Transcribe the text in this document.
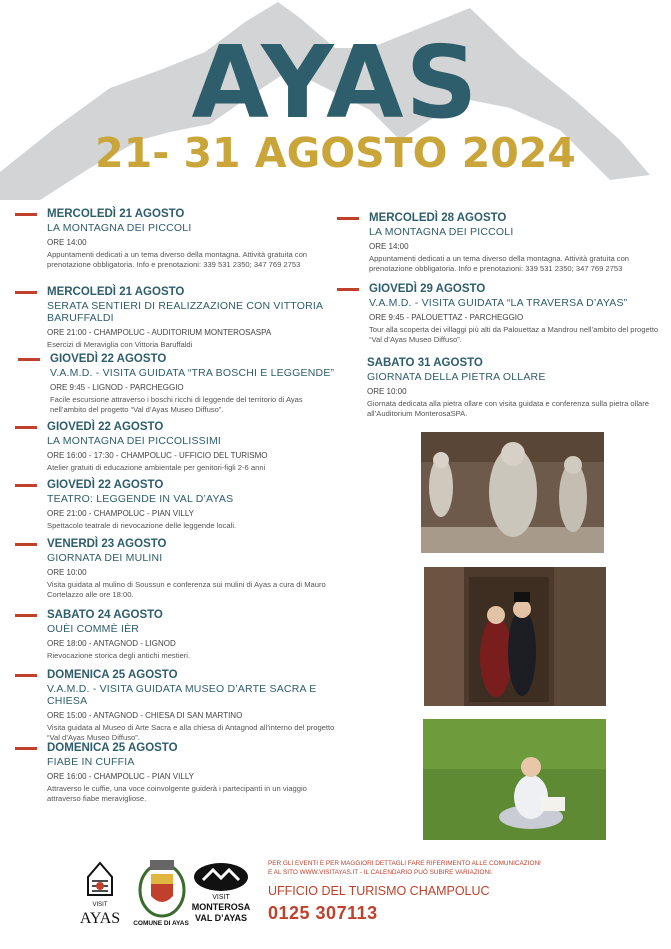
AYAS
21- 31 AGOSTO 2024
MERCOLEDÌ 21 AGOSTO
LA MONTAGNA DEI PICCOLI
ORE 14:00
Appuntamenti dedicati a un tema diverso della montagna. Attività gratuita con prenotazione obbligatoria. Info e prenotazioni: 339 531 2350; 347 769 2753
MERCOLEDÌ 21 AGOSTO
SERATA SENTIERI DI REALIZZAZIONE CON VITTORIA BARUFFALDI
ORE 21:00 - CHAMPOLUC - AUDITORIUM MONTEROSASPA
Esercizi di Meraviglia con Vittoria Baruffaldi
GIOVEDÌ 22 AGOSTO
V.A.M.D. - VISITA GUIDATA “TRA BOSCHI E LEGGENDE”
ORE 9:45 - LIGNOD - PARCHEGGIO
Facile escursione attraverso i boschi ricchi di leggende del territorio di Ayas nell’ambito del progetto “Val d’Ayas Museo Diffuso”.
GIOVEDÌ 22 AGOSTO
LA MONTAGNA DEI PICCOLISSIMI
ORE 16:00 - 17:30 - CHAMPOLUC - UFFICIO DEL TURISMO
Atelier gratuiti di educazione ambientale per genitori-figli 2-6 anni
GIOVEDÌ 22 AGOSTO
TEATRO: LEGGENDE IN VAL D’AYAS
ORE 21:00 - CHAMPOLUC - PIAN VILLY
Spettacolo teatrale di rievocazione delle leggende locali.
VENERDÌ 23 AGOSTO
GIORNATA DEI MULINI
ORE 10:00
Visita guidata al mulino di Soussun e conferenza sui mulini di Ayas a cura di Mauro Cortelazzo alle ore 18:00.
SABATO 24 AGOSTO
OUÈI COMMÈ IÈR
ORE 18:00 - ANTAGNOD - LIGNOD
Rievocazione storica degli antichi mestieri.
DOMENICA 25 AGOSTO
V.A.M.D. - VISITA GUIDATA MUSEO D’ARTE SACRA E CHIESA
ORE 15:00 - ANTAGNOD - CHIESA DI SAN MARTINO
Visita guidata al Museo di Arte Sacra e alla chiesa di Antagnod all’interno del progetto “Val d’Ayas Museo Diffuso”.
DOMENICA 25 AGOSTO
FIABE IN CUFFIA
ORE 16:00 - CHAMPOLUC - PIAN VILLY
Attraverso le cuffie, una voce coinvolgente guiderà i partecipanti in un viaggio attraverso fiabe meravigliose.
MERCOLEDÌ 28 AGOSTO
LA MONTAGNA DEI PICCOLI
ORE 14:00
Appuntamenti dedicati a un tema diverso della montagna. Attività gratuita con prenotazione obbligatoria. Info e prenotazioni: 339 531 2350; 347 769 2753
GIOVEDÌ 29 AGOSTO
V.A.M.D. - VISITA GUIDATA “LA TRAVERSA D’AYAS”
ORE 9:45 - PALOUETTAZ - PARCHEGGIO
Tour alla scoperta dei villaggi più alti da Palouettaz a Mandrou nell’ambito del progetto “Val d’Ayas Museo Diffuso”.
SABATO 31 AGOSTO
GIORNATA DELLA PIETRA OLLARE
ORE 10:00
Giornata dedicata alla pietra ollare con visita guidata e conferenza sulla pietra ollare all’Auditorium MonterosaSPA.
VISIT
AYAS	COMUNE DI AYAS
VISIT
MONTEROSA
VAL D’AYAS
PER GLI EVENTI E PER MAGGIORI DETTAGLI FARE RIFERIMENTO ALLE COMUNICAZIONI
E AL SITO WWW.VISITAYAS.IT - IL CALENDARIO PUÒ SUBIRE VARIAZIONI.
UFFICIO DEL TURISMO CHAMPOLUC
0125 307113
